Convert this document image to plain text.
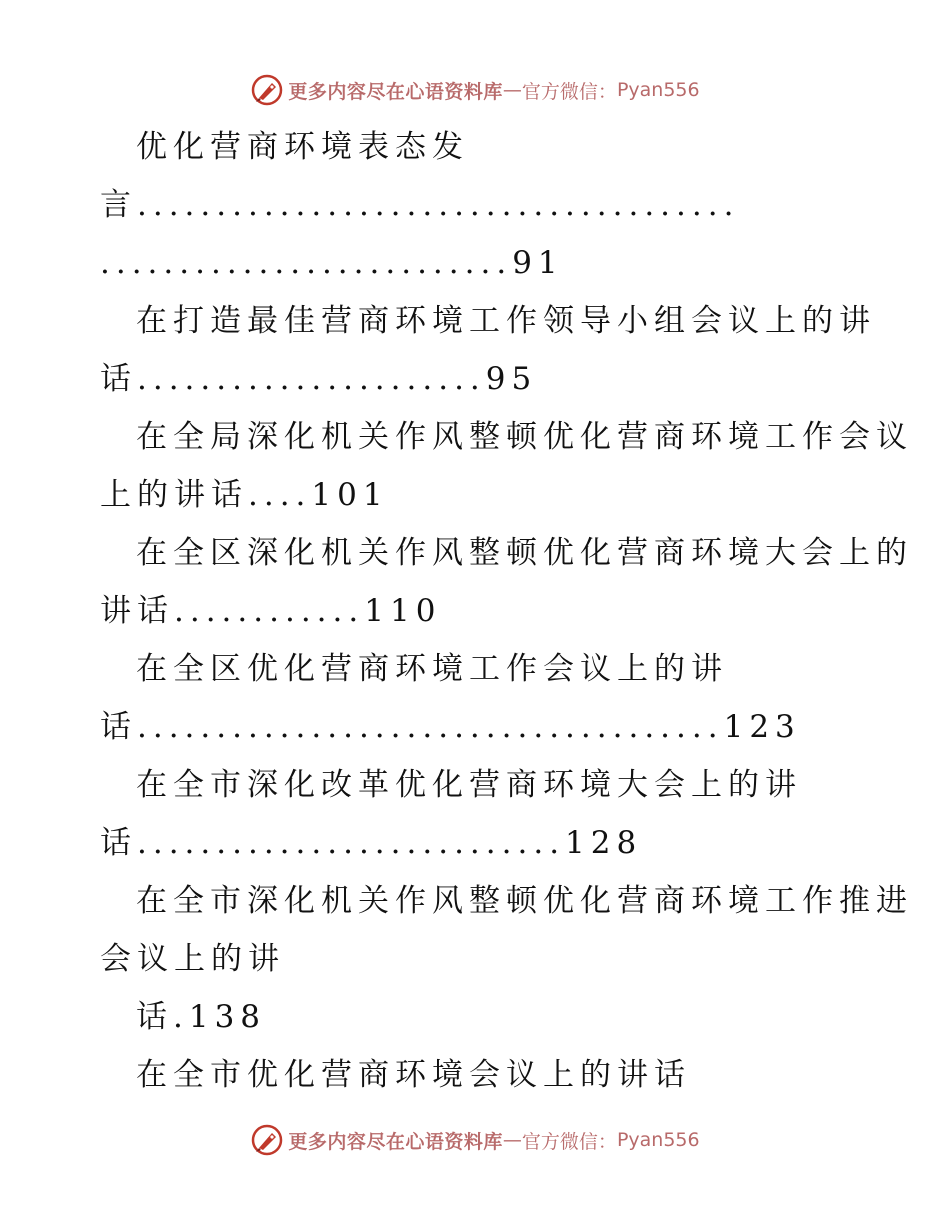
更多内容尽在心语资料库 — 官方微信： Pyan556
优化营商环境表态发
言......................................
..........................91
在打造最佳营商环境工作领导小组会议上的讲
话......................95
在全局深化机关作风整顿优化营商环境工作会议
上的讲话....101
在全区深化机关作风整顿优化营商环境大会上的
讲话............110
在全区优化营商环境工作会议上的讲
话.....................................123
在全市深化改革优化营商环境大会上的讲
话...........................128
在全市深化机关作风整顿优化营商环境工作推进
会议上的讲
话.138
在全市优化营商环境会议上的讲话
更多内容尽在心语资料库 — 官方微信： Pyan556
